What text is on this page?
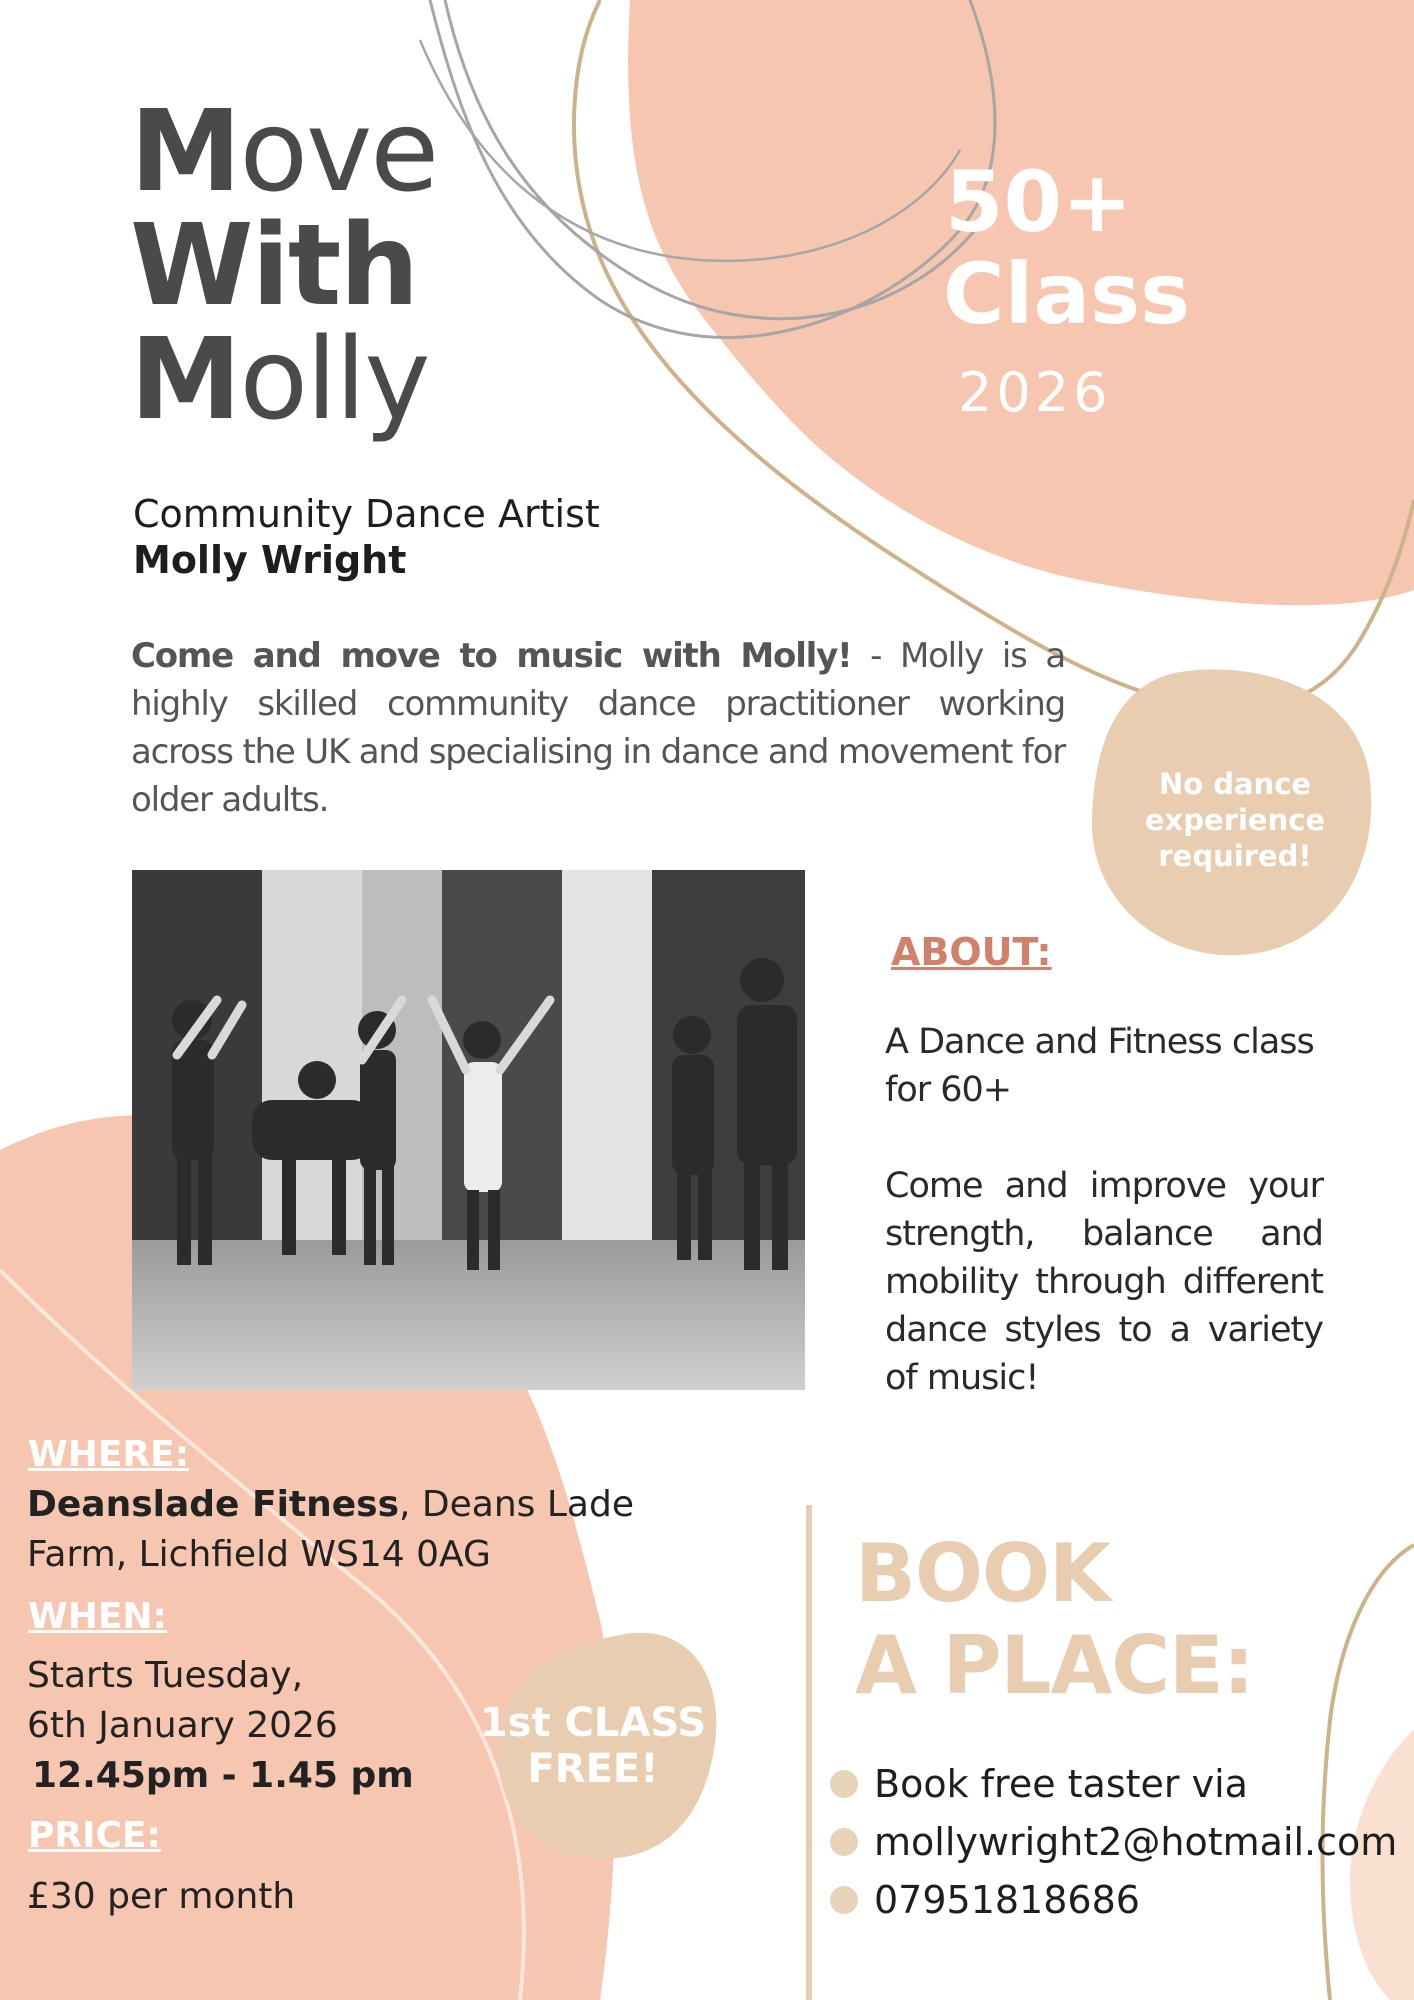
Move
With
Molly
50+
Class
2026
Community Dance Artist
Molly Wright
Come and move to music with Molly! - Molly is a highly skilled community dance practitioner working across the UK and specialising in dance and movement for older adults.	No dance
experience
required!
ABOUT:
A Dance and Fitness class
for 60+
Come and improve your strength, balance and mobility through different dance styles to a variety of music!
WHERE:
Deanslade Fitness, Deans Lade
Farm, Lichfield WS14 0AG
WHEN:
Starts Tuesday,
6th January 2026
12.45pm - 1.45 pm
PRICE:
£30 per month
1st CLASS
FREE!
BOOK
A PLACE:
Book free taster via
mollywright2@hotmail.com
07951818686
